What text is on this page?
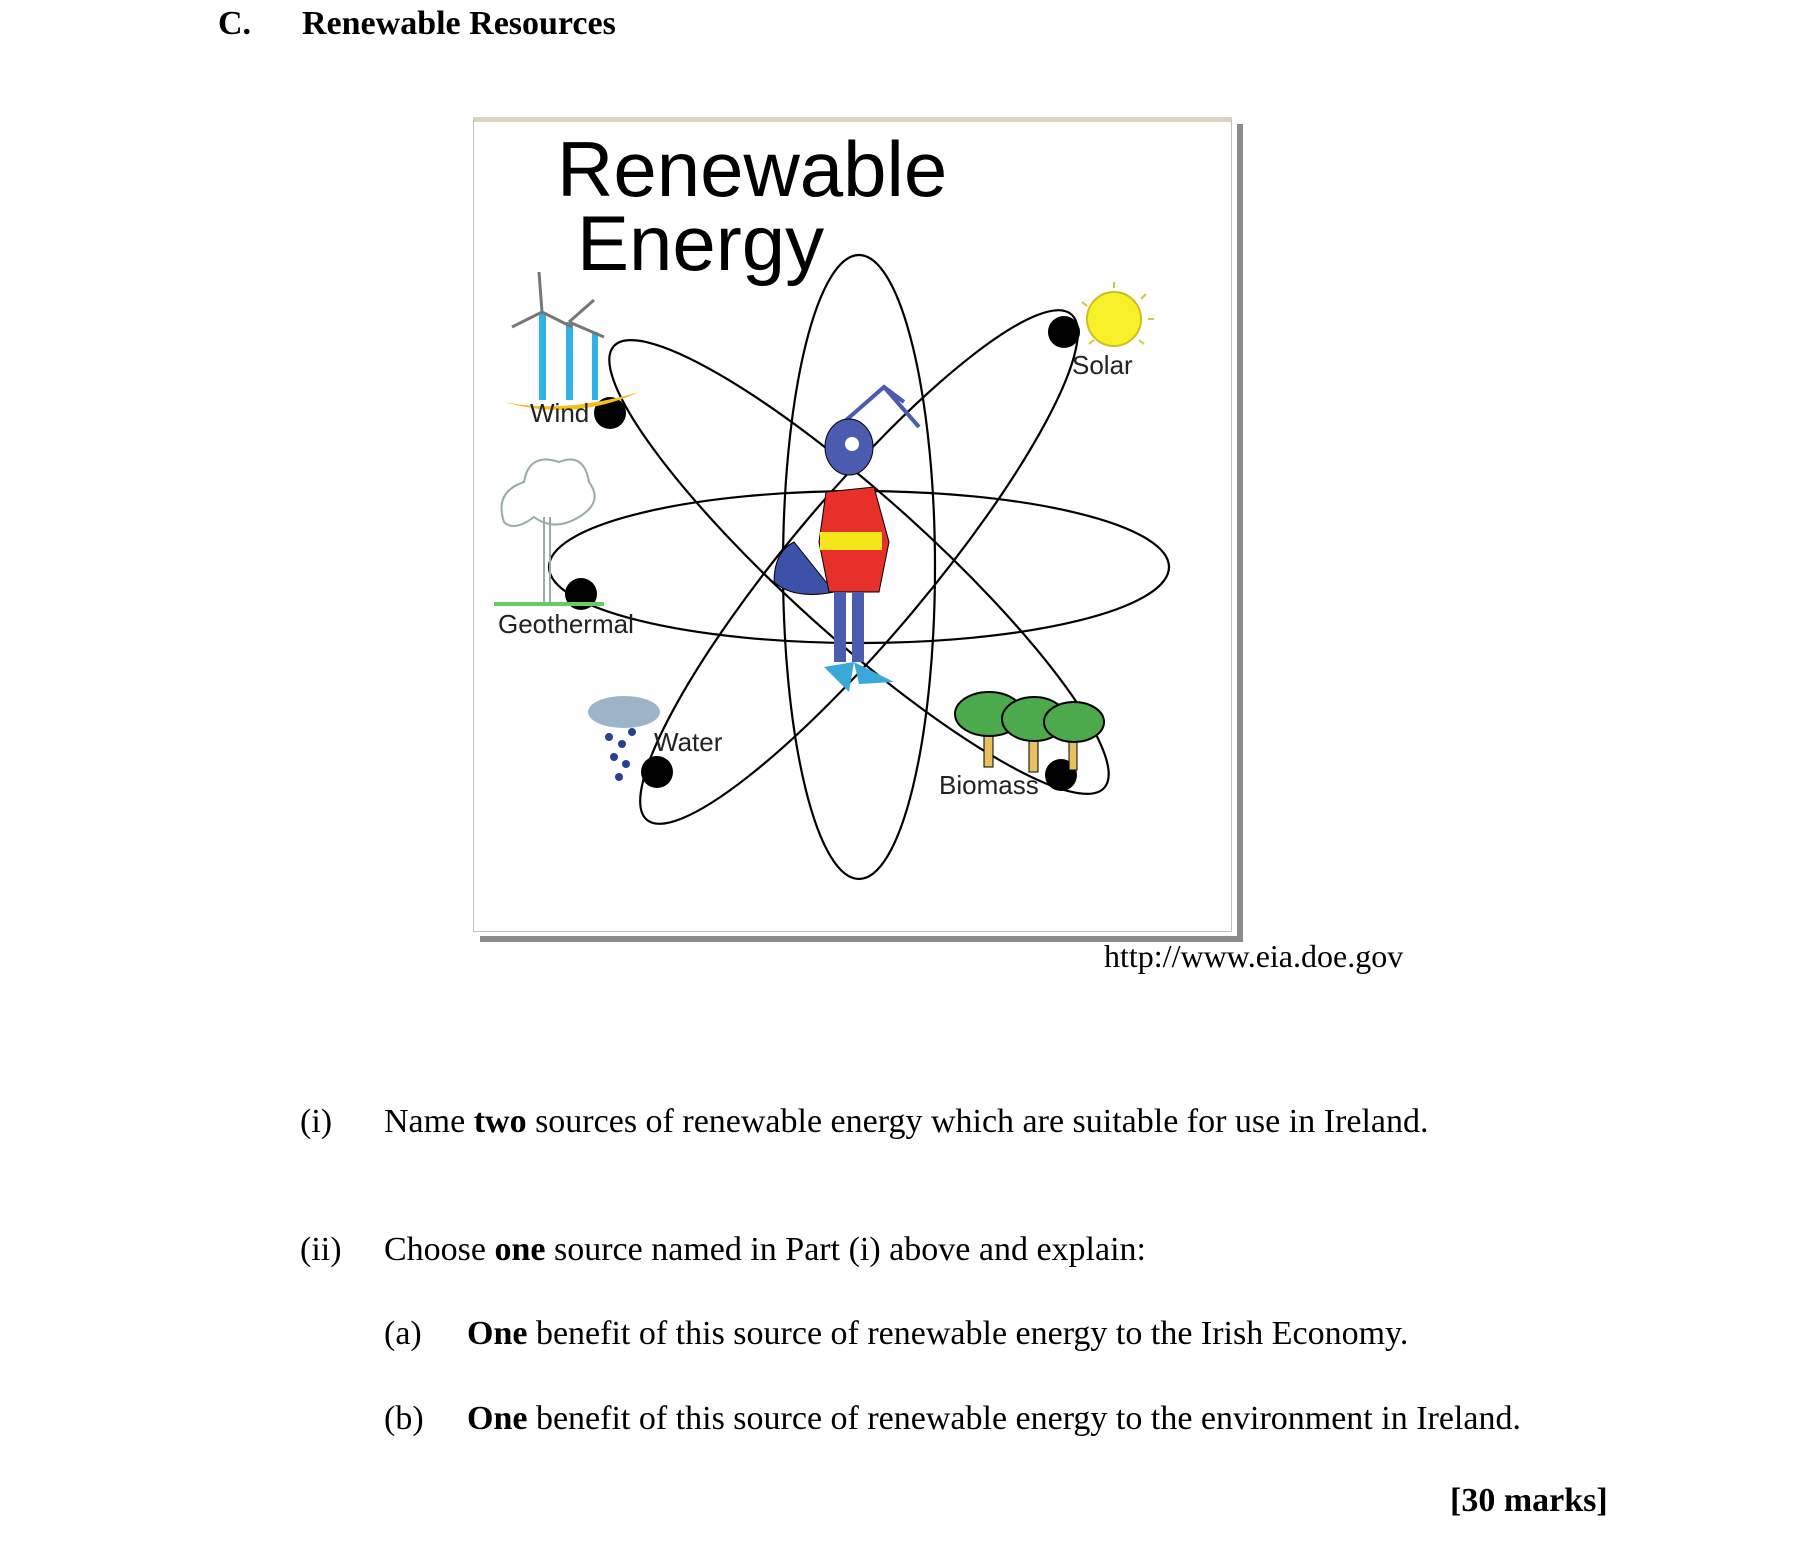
C. Renewable Resources
Renewable
Energy
Wind
Solar
Geothermal
Water
Biomass
http://www.eia.doe.gov
(i) Name two sources of renewable energy which are suitable for use in Ireland.
(ii) Choose one source named in Part (i) above and explain:
(a) One benefit of this source of renewable energy to the Irish Economy.
(b) One benefit of this source of renewable energy to the environment in Ireland.
[30 marks]
